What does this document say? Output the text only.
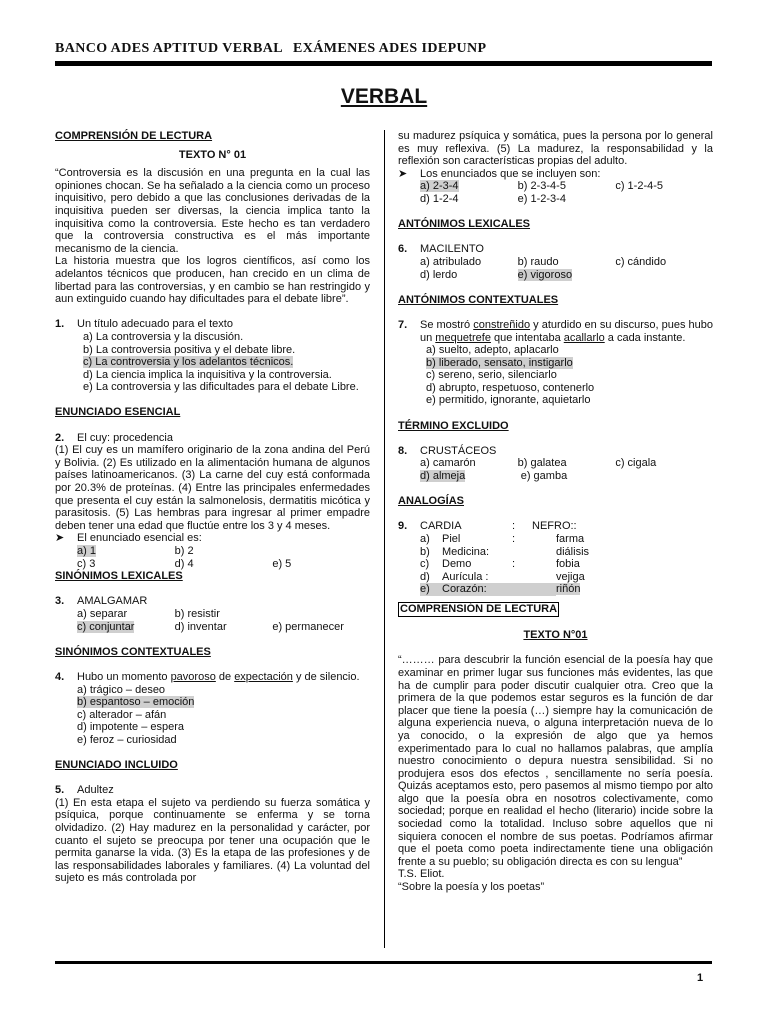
BANCO ADES APTITUD VERBAL EXÁMENES ADES IDEPUNP
VERBAL

COMPRENSIÓN DE LECTURA

TEXTO N° 01

“Controversia es la discusión en una pregunta en la cual las opiniones chocan. Se ha señalado a la ciencia como un proceso inquisitivo, pero debido a que las conclusiones derivadas de la inquisitiva pueden ser diversas, la ciencia implica tanto la inquisitiva como la controversia. Este hecho es tan verdadero que la controversia constructiva es el más importante mecanismo de la ciencia.

La historia muestra que los logros científicos, así como los adelantos técnicos que producen, han crecido en un clima de libertad para las controversias, y en cambio se han restringido y aun extinguido cuando hay dificultades para el debate libre”.

1. Un título adecuado para el texto
a) La controversia y la discusión.
b) La controversia positiva y el debate libre.
c) La controversia y los adelantos técnicos.
d) La ciencia implica la inquisitiva y la controversia.
e) La controversia y las dificultades para el debate Libre.

ENUNCIADO ESENCIAL

2. El cuy: procedencia

(1) El cuy es un mamífero originario de la zona andina del Perú y Bolivia. (2) Es utilizado en la alimentación humana de algunos países latinoamericanos. (3) La carne del cuy está conformada por 20.3% de proteínas. (4) Entre las principales enfermedades que presenta el cuy están la salmonelosis, dermatitis micótica y parasitosis. (5) Las hembras para ingresar al primer empadre deben tener una edad que fluctúe entre los 3 y 4 meses.

➤ El enunciado esencial es:
a) 1	b) 2
c) 3	d) 4	e) 5

SINÓNIMOS LEXICALES

3. AMALGAMAR
a) separar	b) resistir
c) conjuntar	d) inventar	e) permanecer

SINÓNIMOS CONTEXTUALES

4.	Hubo un momento pavoroso de expectación y de silencio.
a) trágico – deseo
b) espantoso – emoción
c) alterador – afán
d) impotente – espera
e) feroz – curiosidad

ENUNCIADO INCLUIDO

5. Adultez

(1) En esta etapa el sujeto va perdiendo su fuerza somática y psíquica, porque continuamente se enferma y se torna olvidadizo. (2) Hay madurez en la personalidad y carácter, por cuanto el sujeto se preocupa por tener una ocupación que le permita ganarse la vida. (3) Es la etapa de las profesiones y de las responsabilidades laborales y familiares. (4) La voluntad del sujeto es más controlada por

su madurez psíquica y somática, pues la persona por lo general es muy reflexiva. (5) La madurez, la responsabilidad y la reflexión son características propias del adulto.

➤ Los enunciados que se incluyen son:
a) 2-3-4	b) 2-3-4-5	c) 1-2-4-5
d) 1-2-4	e) 1-2-3-4

ANTÓNIMOS LEXICALES

6. MACILENTO
a) atribulado	b) raudo	c) cándido
d) lerdo	e) vigoroso

ANTÓNIMOS CONTEXTUALES

7.	Se mostró constreñido y aturdido en su discurso, pues hubo un mequetrefe que intentaba acallarlo a cada instante.
a) suelto, adepto, aplacarlo
b) liberado, sensato, instigarlo
c) sereno, serio, silenciarlo
d) abrupto, respetuoso, contenerlo
e) permitido, ignorante, aquietarlo

TÉRMINO EXCLUIDO

8. CRUSTÁCEOS
a) camarón	b) galatea	c) cigala
d) almeja	e) gamba

ANALOGÍAS

9.	CARDIA	:	NEFRO::
a)	Piel	:	farma
b)	Medicina:	diálisis
c)	Demo	:	fobia
d)	Aurícula :	vejiga
e)	Corazón:	riñón

COMPRENSIÓN DE LECTURA

TEXTO N°01

“……… para descubrir la función esencial de la poesía hay que examinar en primer lugar sus funciones más evidentes, las que ha de cumplir para poder discutir cualquier otra. Creo que la primera de la que podemos estar seguros es la función de dar placer que tiene la poesía (…) siempre hay la comunicación de alguna experiencia nueva, o alguna interpretación nueva de lo ya conocido, o la expresión de algo que ya hemos experimentado para lo cual no hallamos palabras, que amplía nuestro conocimiento o depura nuestra sensibilidad. Si no produjera esos dos efectos , sencillamente no sería poesía. Quizás aceptamos esto, pero pasemos al mismo tiempo por alto algo que la poesía obra en nosotros colectivamente, como sociedad; porque en realidad el hecho (literario) incide sobre la sociedad como la totalidad. Incluso sobre aquellos que ni siquiera conocen el nombre de sus poetas. Podríamos afirmar que el poeta como poeta indirectamente tiene una obligación frente a su pueblo; su obligación directa es con su lengua”

T.S. Eliot.
“Sobre la poesía y los poetas”
1
